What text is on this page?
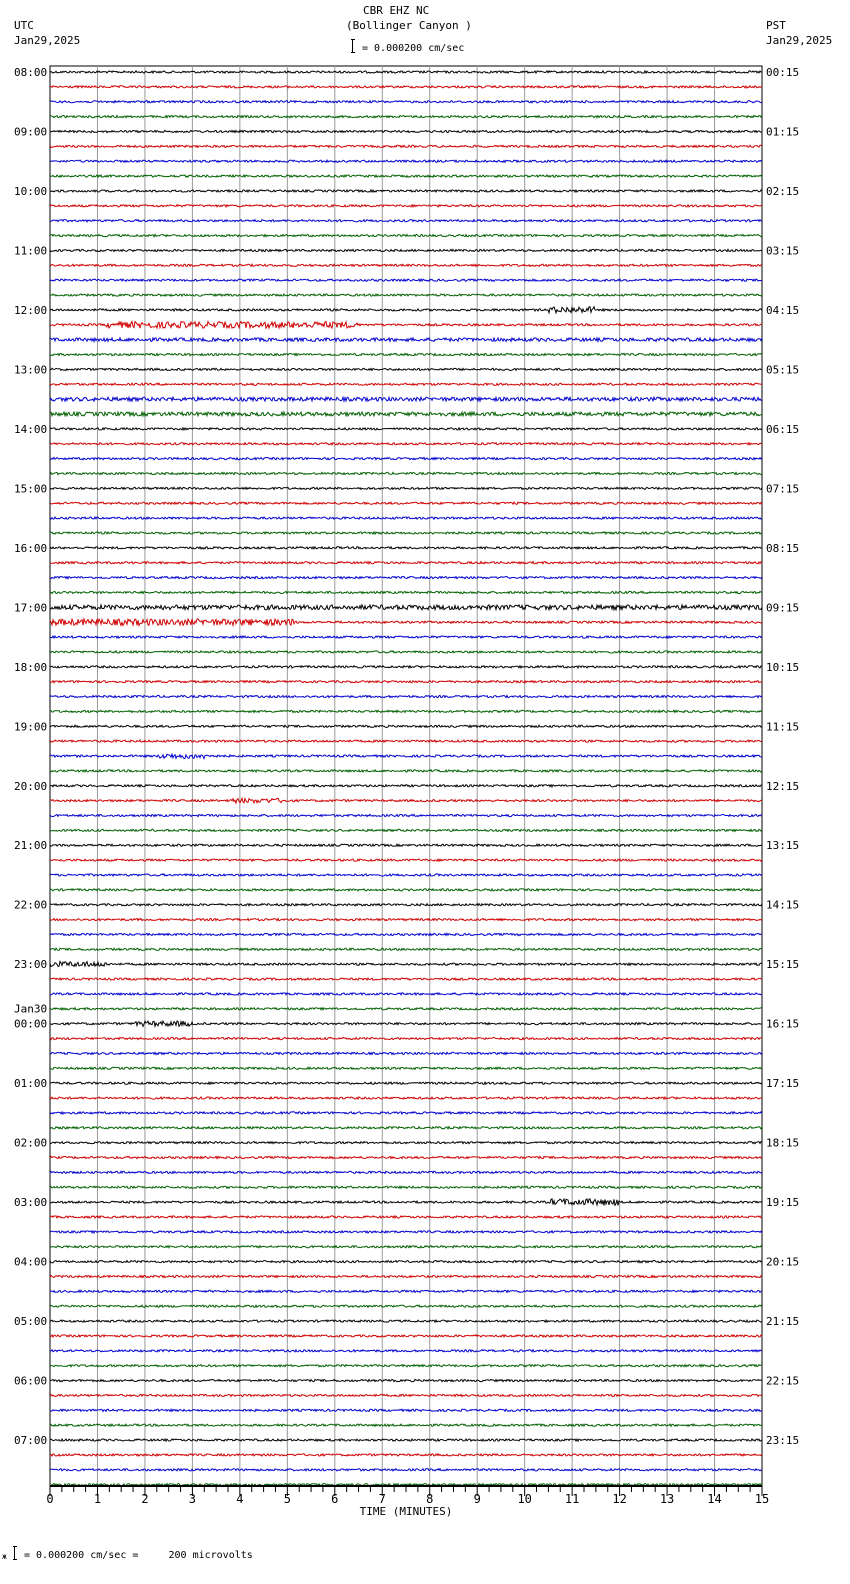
CBR EHZ NC
(Bollinger Canyon )
UTC
Jan29,2025
PST
Jan29,2025
= 0.000200 cm/sec
08:00	00:15
09:00	01:15
10:00	02:15
11:00	03:15
12:00	04:15
13:00	05:15
14:00	06:15
15:00	07:15
16:00	08:15
17:00	09:15
18:00	10:15
19:00	11:15
20:00	12:15
21:00	13:15
22:00	14:15
23:00	15:15
00:00	16:15
01:00	17:15
02:00	18:15
03:00	19:15
04:00	20:15
05:00	21:15
06:00	22:15
07:00	23:15
Jan30
0	1	2	3	4	5	6	7	8	9	10	11	12	13	14	15
TIME (MINUTES)
ж = 0.000200 cm/sec =     200 microvolts
